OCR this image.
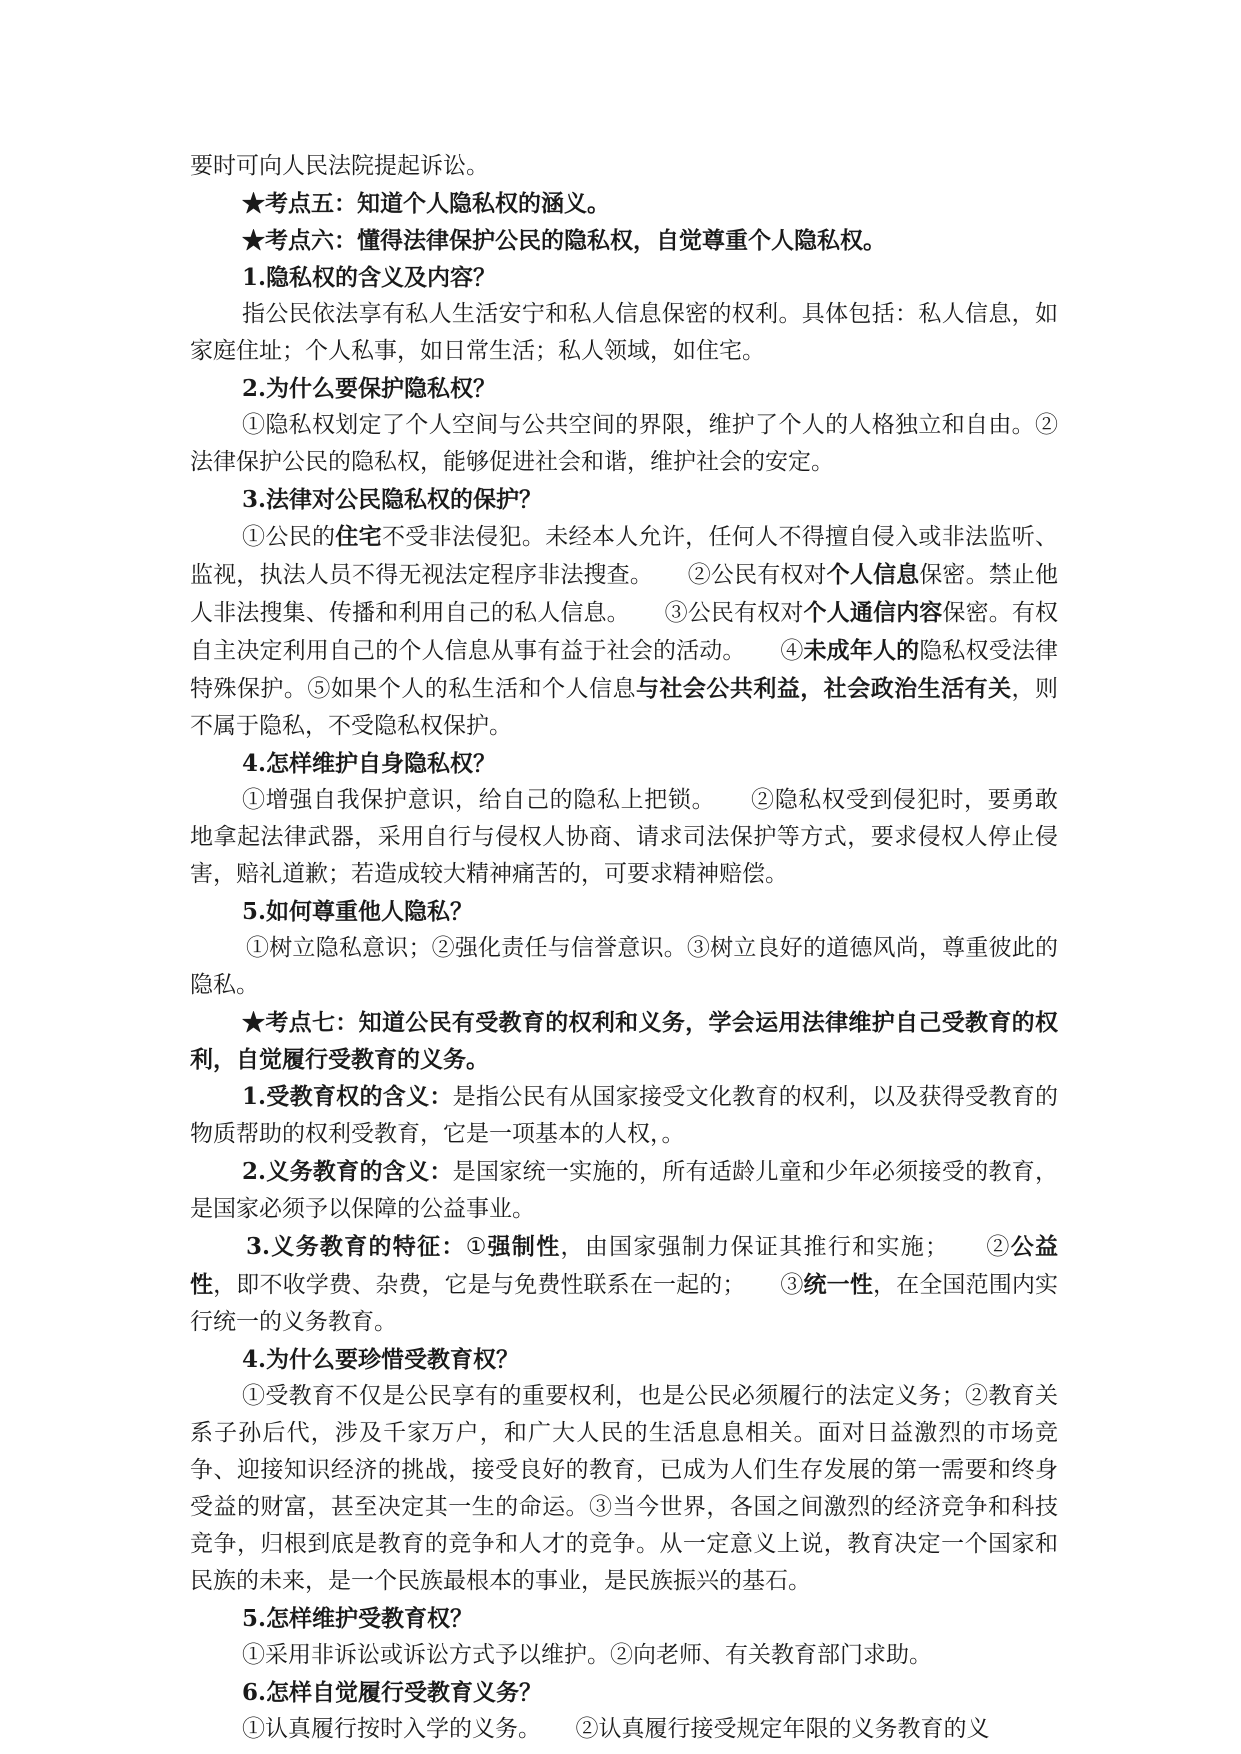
要时可向人民法院提起诉讼。

★考点五：知道个人隐私权的涵义。

★考点六：懂得法律保护公民的隐私权，自觉尊重个人隐私权。

1.隐私权的含义及内容？

指公民依法享有私人生活安宁和私人信息保密的权利。具体包括：私人信息，如家庭住址；个人私事，如日常生活；私人领域，如住宅。

2.为什么要保护隐私权？

①隐私权划定了个人空间与公共空间的界限，维护了个人的人格独立和自由。②法律保护公民的隐私权，能够促进社会和谐，维护社会的安定。

3.法律对公民隐私权的保护？

①公民的住宅不受非法侵犯。未经本人允许，任何人不得擅自侵入或非法监听、监视，执法人员不得无视法定程序非法搜查。　　②公民有权对个人信息保密。禁止他人非法搜集、传播和利用自己的私人信息。　　③公民有权对个人通信内容保密。有权自主决定利用自己的个人信息从事有益于社会的活动。　　④未成年人的隐私权受法律特殊保护。⑤如果个人的私生活和个人信息与社会公共利益，社会政治生活有关，则不属于隐私，不受隐私权保护。

4.怎样维护自身隐私权？

①增强自我保护意识，给自己的隐私上把锁。　　②隐私权受到侵犯时，要勇敢地拿起法律武器，采用自行与侵权人协商、请求司法保护等方式，要求侵权人停止侵害，赔礼道歉；若造成较大精神痛苦的，可要求精神赔偿。

5.如何尊重他人隐私？

①树立隐私意识；②强化责任与信誉意识。③树立良好的道德风尚，尊重彼此的隐私。

★考点七：知道公民有受教育的权利和义务，学会运用法律维护自己受教育的权利，自觉履行受教育的义务。

1.受教育权的含义：是指公民有从国家接受文化教育的权利，以及获得受教育的物质帮助的权利受教育，它是一项基本的人权，。

2.义务教育的含义：是国家统一实施的，所有适龄儿童和少年必须接受的教育，是国家必须予以保障的公益事业。

3.义务教育的特征：①强制性，由国家强制力保证其推行和实施；　　②公益性，即不收学费、杂费，它是与免费性联系在一起的；　　③统一性，在全国范围内实行统一的义务教育。

4.为什么要珍惜受教育权？

①受教育不仅是公民享有的重要权利，也是公民必须履行的法定义务；②教育关系子孙后代，涉及千家万户，和广大人民的生活息息相关。面对日益激烈的市场竞争、迎接知识经济的挑战，接受良好的教育，已成为人们生存发展的第一需要和终身受益的财富，甚至决定其一生的命运。③当今世界，各国之间激烈的经济竞争和科技竞争，归根到底是教育的竞争和人才的竞争。从一定意义上说，教育决定一个国家和民族的未来，是一个民族最根本的事业，是民族振兴的基石。

5.怎样维护受教育权？

①采用非诉讼或诉讼方式予以维护。②向老师、有关教育部门求助。

6.怎样自觉履行受教育义务？

①认真履行按时入学的义务。　　②认真履行接受规定年限的义务教育的义
